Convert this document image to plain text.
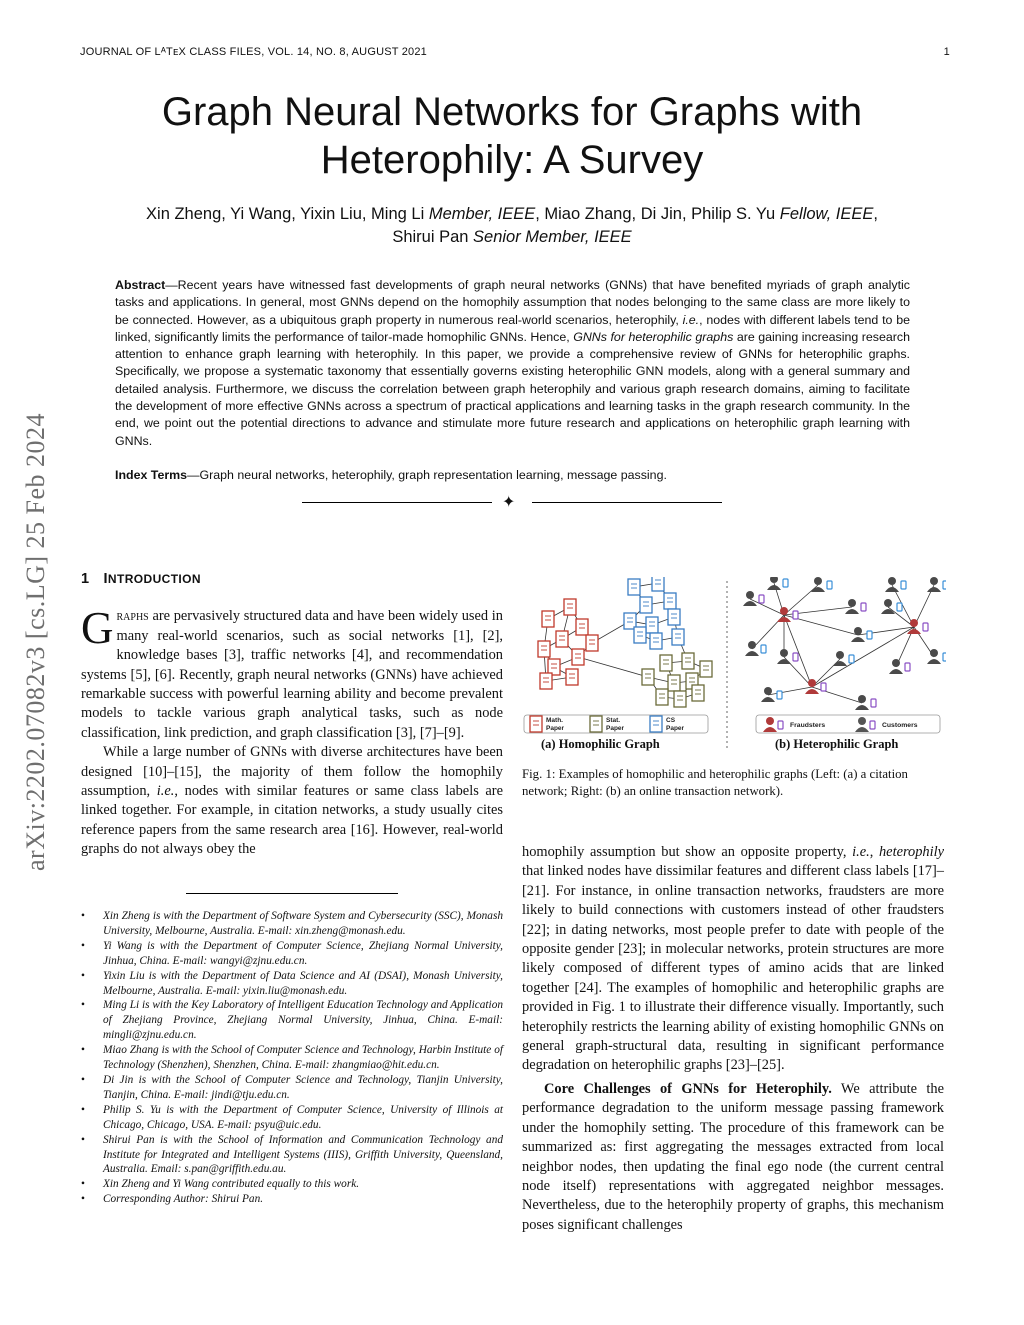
JOURNAL OF LᴬTᴇX CLASS FILES, VOL. 14, NO. 8, AUGUST 2021	1
Graph Neural Networks for Graphs with
Heterophily: A Survey
Xin Zheng, Yi Wang, Yixin Liu, Ming Li Member, IEEE, Miao Zhang, Di Jin, Philip S. Yu Fellow, IEEE,
Shirui Pan Senior Member, IEEE
Abstract—Recent years have witnessed fast developments of graph neural networks (GNNs) that have benefited myriads of graph analytic tasks and applications. In general, most GNNs depend on the homophily assumption that nodes belonging to the same class are more likely to be connected. However, as a ubiquitous graph property in numerous real-world scenarios, heterophily, i.e., nodes with different labels tend to be linked, significantly limits the performance of tailor-made homophilic GNNs. Hence, GNNs for heterophilic graphs are gaining increasing research attention to enhance graph learning with heterophily. In this paper, we provide a comprehensive review of GNNs for heterophilic graphs. Specifically, we propose a systematic taxonomy that essentially governs existing heterophilic GNN models, along with a general summary and detailed analysis. Furthermore, we discuss the correlation between graph heterophily and various graph research domains, aiming to facilitate the development of more effective GNNs across a spectrum of practical applications and learning tasks in the graph research community. In the end, we point out the potential directions to advance and stimulate more future research and applications on heterophilic graph learning with GNNs.
Index Terms—Graph neural networks, heterophily, graph representation learning, message passing.
✦
arXiv:2202.07082v3 [cs.LG] 25 Feb 2024 1 INTRODUCTION

Graphs are pervasively structured data and have been widely used in many real-world scenarios, such as social networks [1], [2], knowledge bases [3], traffic networks [4], and recommendation systems [5], [6]. Recently, graph neural networks (GNNs) have achieved remarkable success with powerful learning ability and become prevalent models to tackle various graph analytical tasks, such as node classification, link prediction, and graph classification [3], [7]–[9].

While a large number of GNNs with diverse architectures have been designed [10]–[15], the majority of them follow the homophily assumption, i.e., nodes with similar features or same class labels are linked together. For example, in citation networks, a study usually cites reference papers from the same research area [16]. However, real-world graphs do not always obey the

• Xin Zheng is with the Department of Software System and Cybersecurity (SSC), Monash University, Melbourne, Australia. E-mail: xin.zheng@monash.edu.
• Yi Wang is with the Department of Computer Science, Zhejiang Normal University, Jinhua, China. E-mail: wangyi@zjnu.edu.cn.
• Yixin Liu is with the Department of Data Science and AI (DSAI), Monash University, Melbourne, Australia. E-mail: yixin.liu@monash.edu.
• Ming Li is with the Key Laboratory of Intelligent Education Technology and Application of Zhejiang Province, Zhejiang Normal University, Jinhua, China. E-mail: mingli@zjnu.edu.cn.
• Miao Zhang is with the School of Computer Science and Technology, Harbin Institute of Technology (Shenzhen), Shenzhen, China. E-mail: zhangmiao@hit.edu.cn.
• Di Jin is with the School of Computer Science and Technology, Tianjin University, Tianjin, China. E-mail: jindi@tju.edu.cn.
• Philip S. Yu is with the Department of Computer Science, University of Illinois at Chicago, Chicago, USA. E-mail: psyu@uic.edu.
• Shirui Pan is with the School of Information and Communication Technology and Institute for Integrated and Intelligent Systems (IIIS), Griffith University, Queensland, Australia. Email: s.pan@griffith.edu.au.
• Xin Zheng and Yi Wang contributed equally to this work.
• Corresponding Author: Shirui Pan.
Math.
Paper
Stat.
Paper
CS
Paper	Fraudsters	Customers
(a) Homophilic Graph	(b) Heterophilic Graph
Fig. 1: Examples of homophilic and heterophilic graphs (Left: (a) a citation network; Right: (b) an online transaction network).

homophily assumption but show an opposite property, i.e., heterophily that linked nodes have dissimilar features and different class labels [17]–[21]. For instance, in online transaction networks, fraudsters are more likely to build connections with customers instead of other fraudsters [22]; in dating networks, most people prefer to date with people of the opposite gender [23]; in molecular networks, protein structures are more likely composed of different types of amino acids that are linked together [24]. The examples of homophilic and heterophilic graphs are provided in Fig. 1 to illustrate their difference visually. Importantly, such heterophily restricts the learning ability of existing homophilic GNNs on general graph-structural data, resulting in significant performance degradation on heterophilic graphs [23]–[25].

Core Challenges of GNNs for Heterophily. We attribute the performance degradation to the uniform message passing framework under the homophily setting. The procedure of this framework can be summarized as: first aggregating the messages extracted from local neighbor nodes, then updating the final ego node (the current central node itself) representations with aggregated neighbor messages. Nevertheless, due to the heterophily property of graphs, this mechanism poses significant challenges
